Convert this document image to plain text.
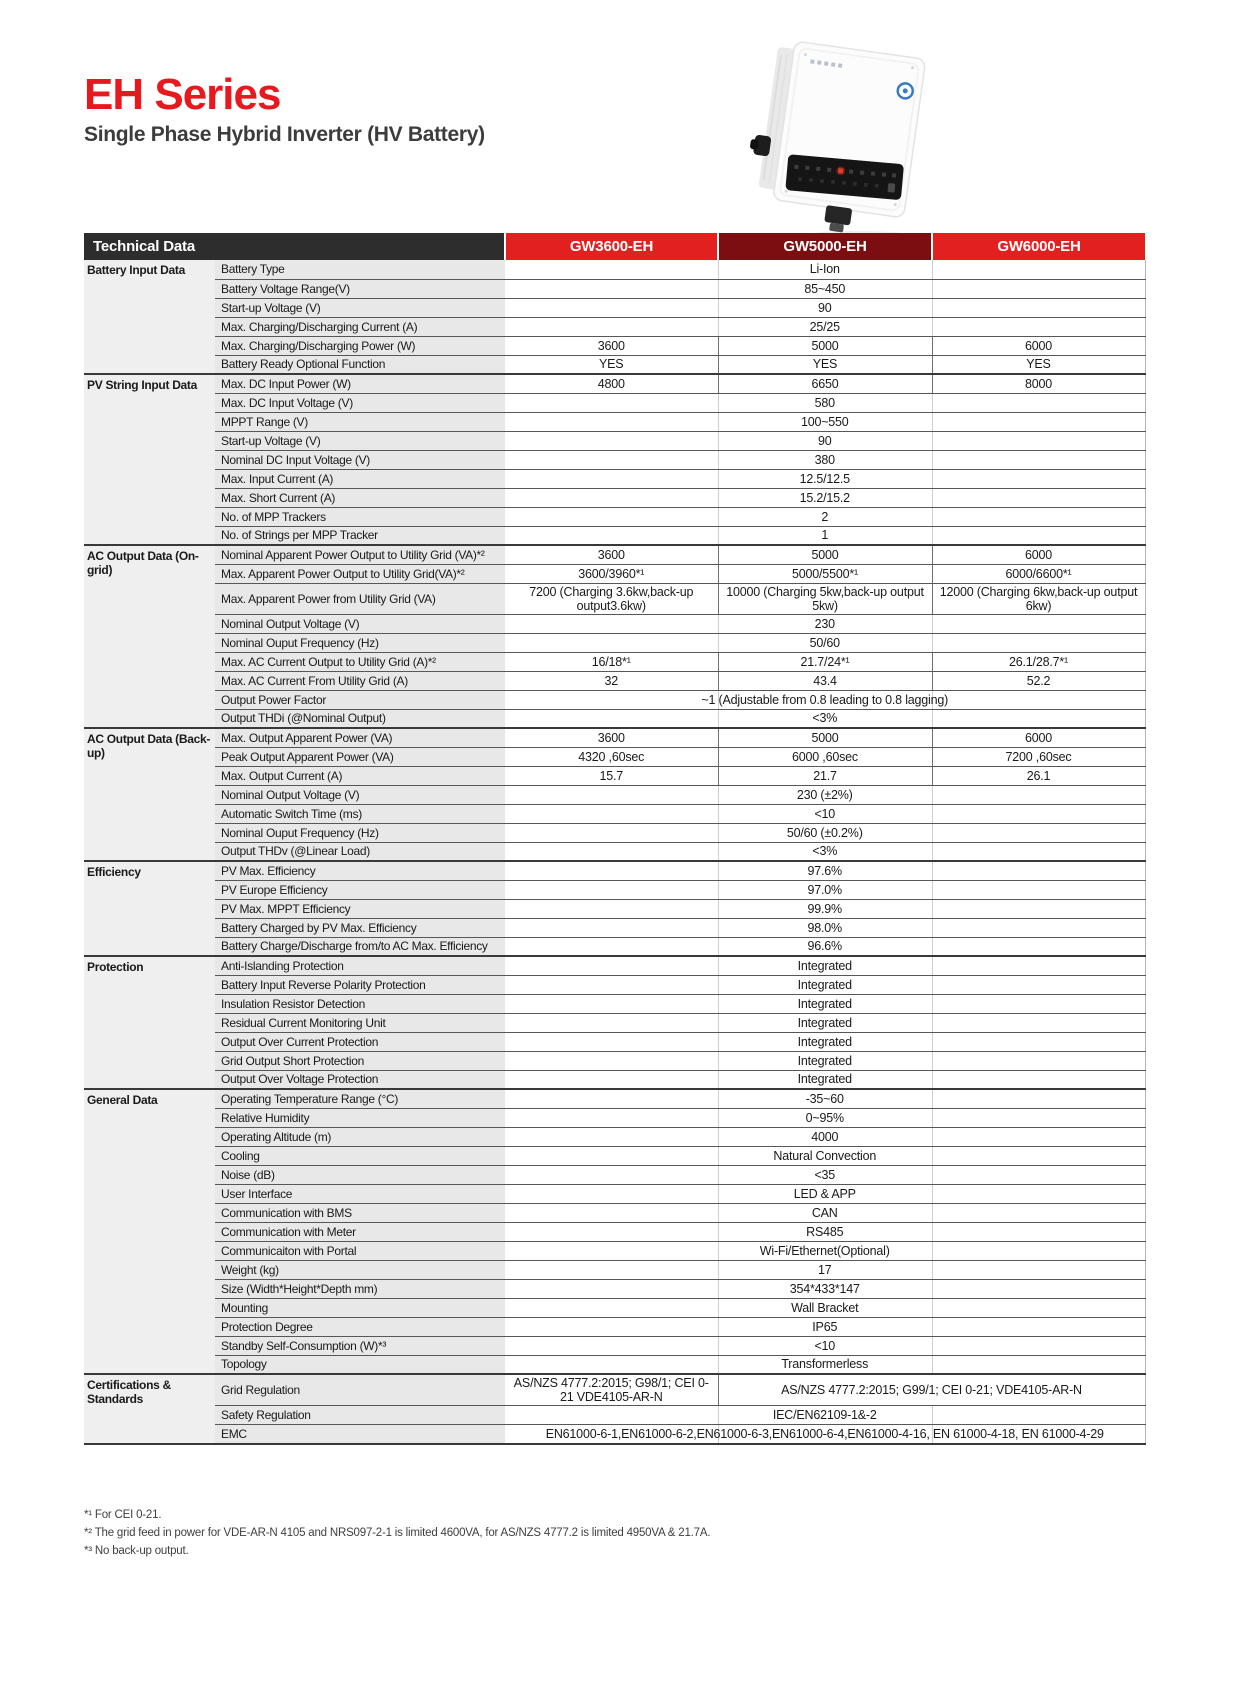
EH Series
Single Phase Hybrid Inverter (HV Battery)
Technical Data		GW3600-EH	GW5000-EH	GW6000-EH
Battery Input Data	Battery Type	Li-Ion		
	Battery Voltage Range(V)	85~450		
	Start-up Voltage (V)	90		
	Max. Charging/Discharging Current (A)	25/25		
	Max. Charging/Discharging Power (W)	3600	5000	6000
	Battery Ready Optional Function	YES	YES	YES
PV String Input Data	Max. DC Input Power (W)	4800	6650	8000
	Max. DC Input Voltage (V)	580		
	MPPT Range (V)	100~550		
	Start-up Voltage (V)	90		
	Nominal DC Input Voltage (V)	380		
	Max. Input Current (A)	12.5/12.5		
	Max. Short Current (A)	15.2/15.2		
	No. of MPP Trackers	2		
	No. of Strings per MPP Tracker	1		
AC Output Data (On-grid)	Nominal Apparent Power Output to Utility Grid (VA)*²	3600	5000	6000
	Max. Apparent Power Output to Utility Grid(VA)*²	3600/3960*¹	5000/5500*¹	6000/6600*¹
	Max. Apparent Power from Utility Grid (VA)	7200 (Charging 3.6kw,back-up output3.6kw)	10000 (Charging 5kw,back-up output 5kw)	12000 (Charging 6kw,back-up output 6kw)
	Nominal Output Voltage (V)	230		
	Nominal Ouput Frequency (Hz)	50/60		
	Max. AC Current Output to Utility Grid (A)*²	16/18*¹	21.7/24*¹	26.1/28.7*¹
	Max. AC Current From Utility Grid (A)	32	43.4	52.2
	Output Power Factor	~1 (Adjustable from 0.8 leading to 0.8 lagging)		
	Output THDi (@Nominal Output)	<3%		
AC Output Data (Back-up)	Max. Output Apparent Power (VA)	3600	5000	6000
	Peak Output Apparent Power (VA)	4320 ,60sec	6000 ,60sec	7200 ,60sec
	Max. Output Current (A)	15.7	21.7	26.1
	Nominal Output Voltage (V)	230 (±2%)		
	Automatic Switch Time (ms)	<10		
	Nominal Ouput Frequency (Hz)	50/60 (±0.2%)		
	Output THDv (@Linear Load)	<3%		
Efficiency	PV Max. Efficiency	97.6%		
	PV Europe Efficiency	97.0%		
	PV Max. MPPT Efficiency	99.9%		
	Battery Charged by PV Max. Efficiency	98.0%		
	Battery Charge/Discharge from/to AC Max. Efficiency	96.6%		
Protection	Anti-Islanding Protection	Integrated		
	Battery Input Reverse Polarity Protection	Integrated		
	Insulation Resistor Detection	Integrated		
	Residual Current Monitoring Unit	Integrated		
	Output Over Current Protection	Integrated		
	Grid Output Short Protection	Integrated		
	Output Over Voltage Protection	Integrated		
General Data	Operating Temperature Range (°C)	-35~60		
	Relative Humidity	0~95%		
	Operating Altitude (m)	4000		
	Cooling	Natural Convection		
	Noise (dB)	<35		
	User Interface	LED & APP		
	Communication with BMS	CAN		
	Communication with Meter	RS485		
	Communicaiton with Portal	Wi-Fi/Ethernet(Optional)		
	Weight (kg)	17		
	Size (Width*Height*Depth mm)	354*433*147		
	Mounting	Wall Bracket		
	Protection Degree	IP65		
	Standby Self-Consumption (W)*³	<10		
	Topology	Transformerless		
Certifications & Standards	Grid Regulation	AS/NZS 4777.2:2015; G98/1; CEI 0-21 VDE4105-AR-N	AS/NZS 4777.2:2015; G99/1; CEI 0-21; VDE4105-AR-N	
	Safety Regulation	IEC/EN62109-1&-2		
	EMC	EN61000-6-1,EN61000-6-2,EN61000-6-3,EN61000-6-4,EN61000-4-16, EN 61000-4-18, EN 61000-4-29		
*¹ For CEI 0-21.
*² The grid feed in power for VDE-AR-N 4105 and NRS097-2-1 is limited 4600VA, for AS/NZS 4777.2 is limited 4950VA & 21.7A.
*³ No back-up output.
